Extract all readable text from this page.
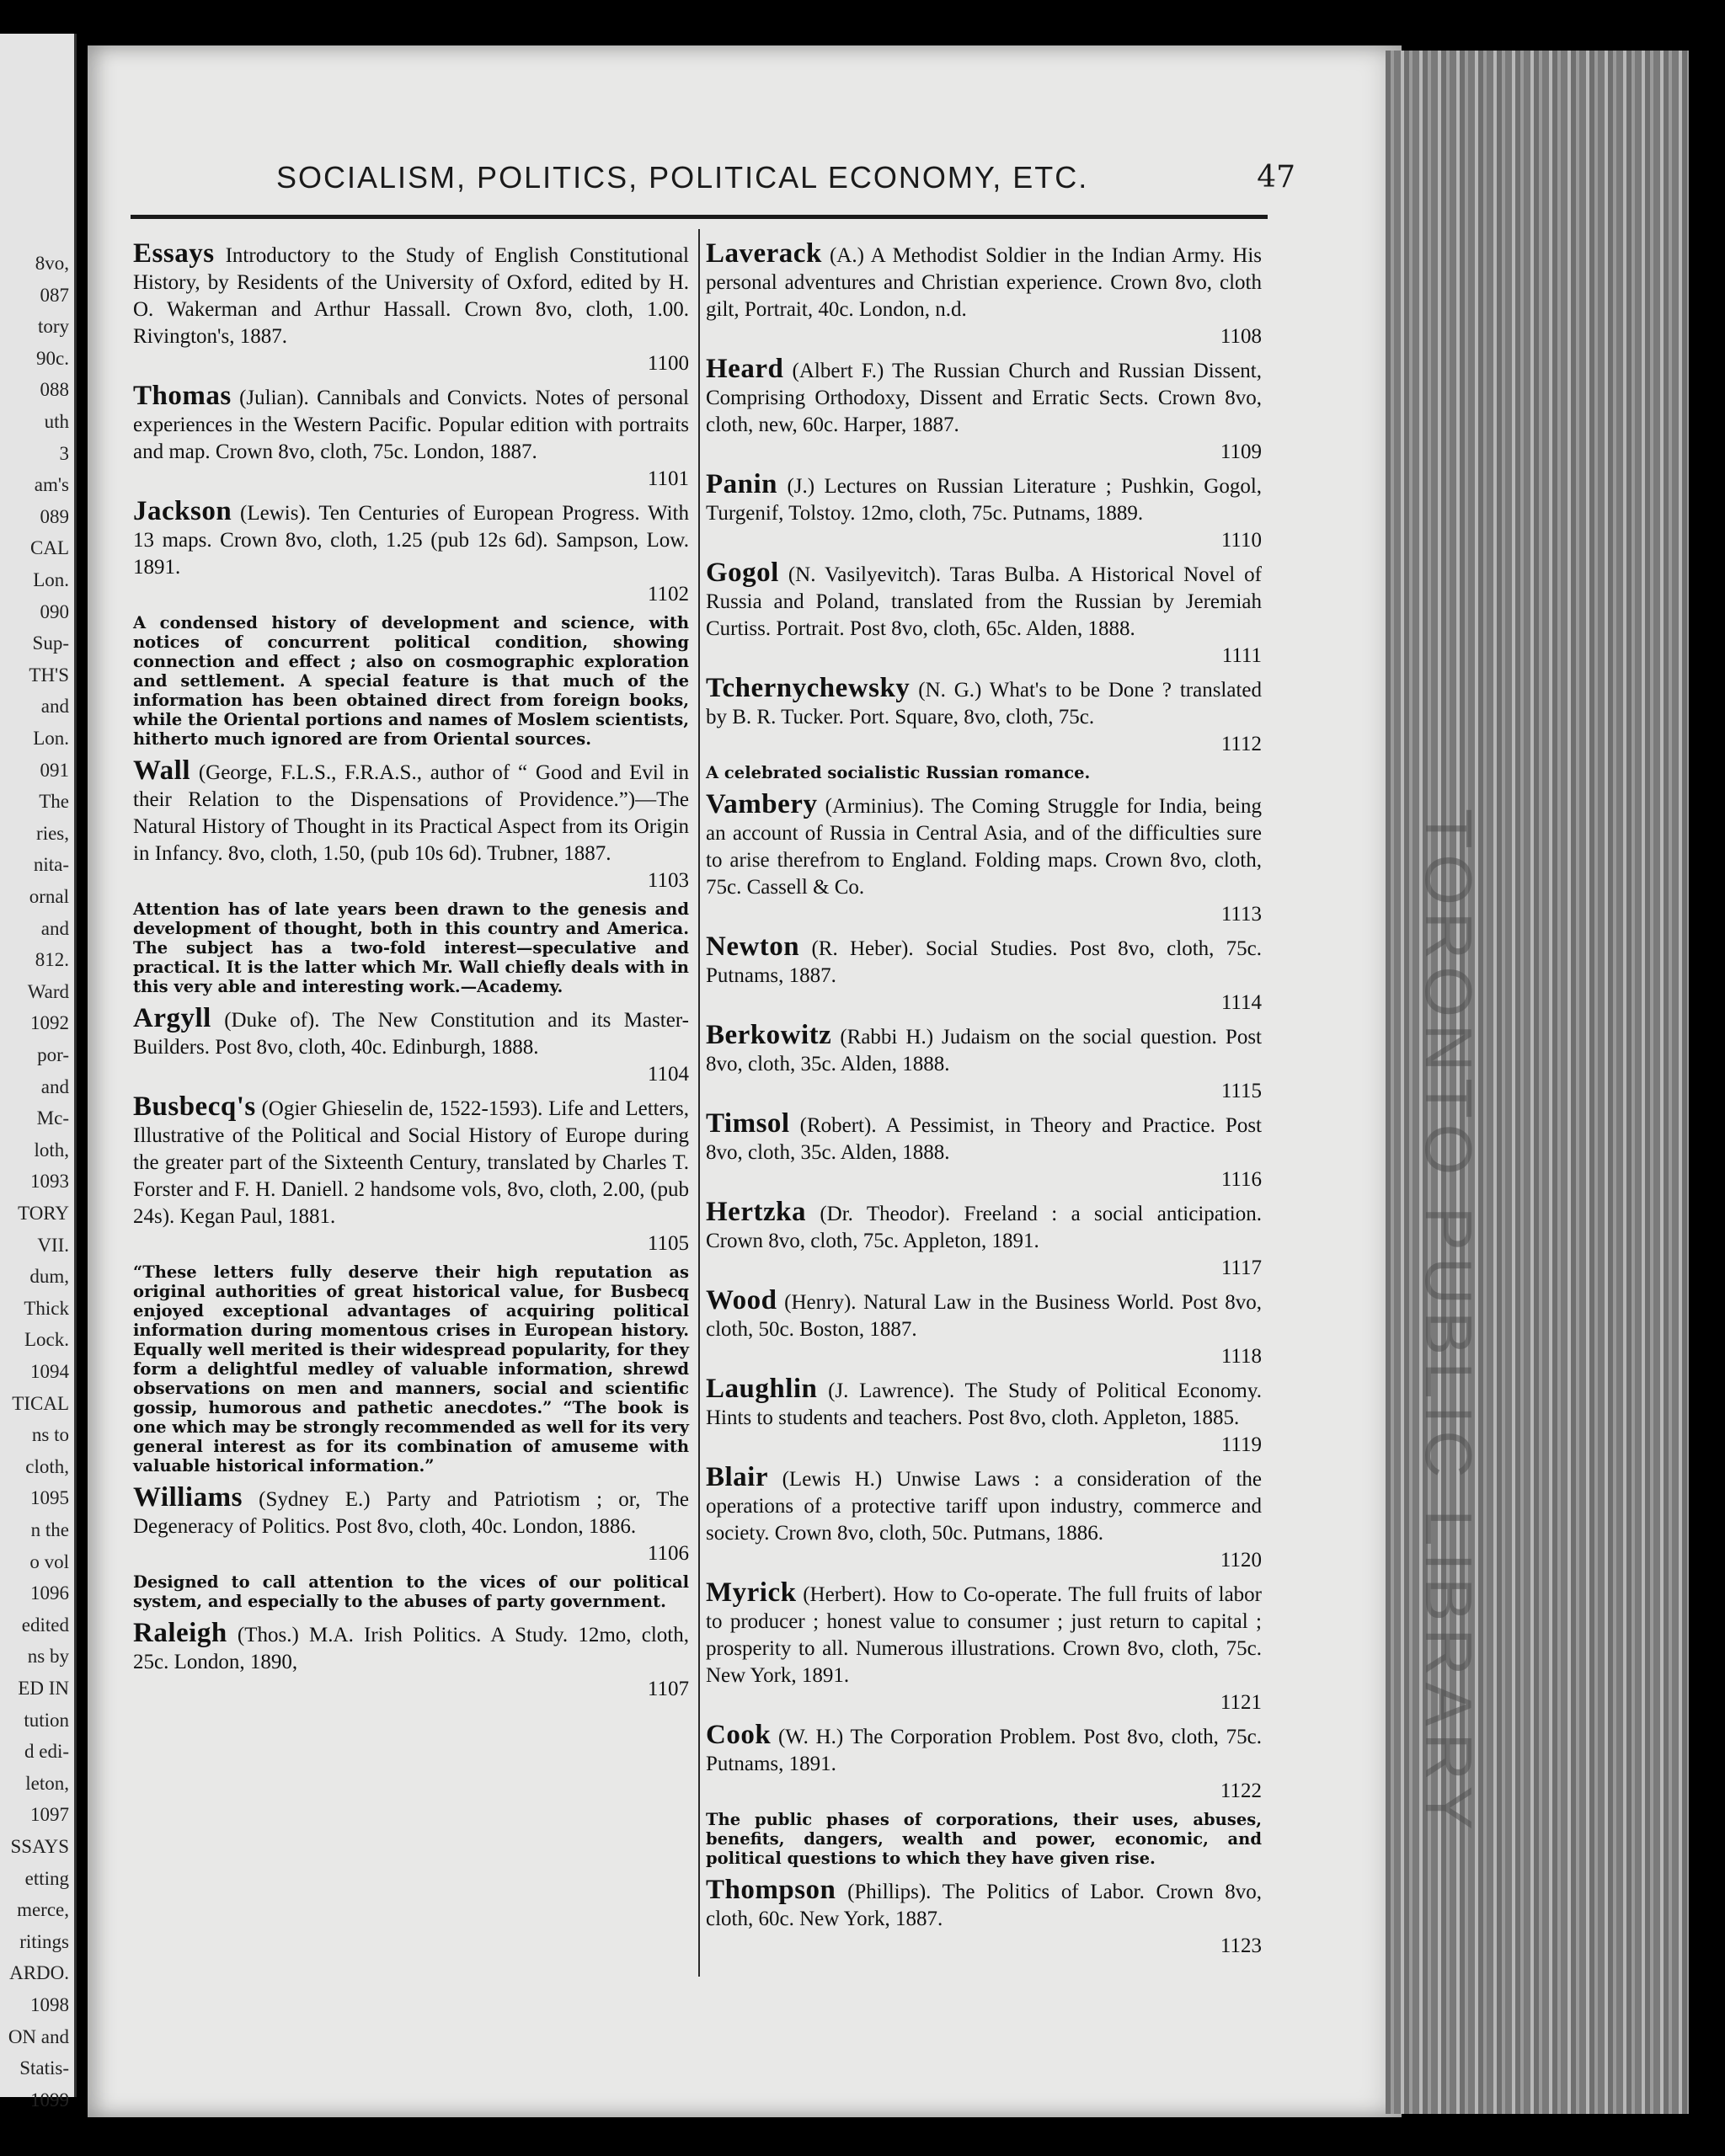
8vo,
087
tory
90c.
088
uth
3
am's
089
CAL
Lon.
090
Sup-
TH'S
and
Lon.
091
The
ries,
nita-
ornal
and
812.
Ward
1092
por-
and
Mc-
loth,
1093
TORY
VII.
dum,
Thick
Lock.
1094
TICAL
ns to
cloth,
1095
n the
o vol
1096
edited
ns by
ED IN
tution
d edi-
leton,
1097
SSAYS
etting
merce,
ritings
ARDO.
1098
ON and
Statis-
1099
TORONTO PUBLIC LIBRARY
SOCIALISM, POLITICS, POLITICAL ECONOMY, ETC.	47
Essays Introductory to the Study of English Constitutional History, by Residents of the University of Oxford, edited by H. O. Wakerman and Arthur Hassall. Crown 8vo, cloth, 1.00. Rivington's, 1887.
1100
Thomas (Julian). Cannibals and Convicts. Notes of personal experiences in the Western Pacific. Popular edition with portraits and map. Crown 8vo, cloth, 75c. London, 1887.
1101
Jackson (Lewis). Ten Centuries of European Progress. With 13 maps. Crown 8vo, cloth, 1.25 (pub 12s 6d). Sampson, Low. 1891.
1102
A condensed history of development and science, with notices of concurrent political condition, showing connection and effect ; also on cosmographic exploration and settlement. A special feature is that much of the information has been obtained direct from foreign books, while the Oriental portions and names of Moslem scientists, hitherto much ignored are from Oriental sources.
Wall (George, F.L.S., F.R.A.S., author of “ Good and Evil in their Relation to the Dispensations of Providence.”)—The Natural History of Thought in its Practical Aspect from its Origin in Infancy. 8vo, cloth, 1.50, (pub 10s 6d). Trubner, 1887.
1103
Attention has of late years been drawn to the genesis and development of thought, both in this country and America. The subject has a two-fold interest—speculative and practical. It is the latter which Mr. Wall chiefly deals with in this very able and interesting work.—Academy.
Argyll (Duke of). The New Constitution and its Master-Builders. Post 8vo, cloth, 40c. Edinburgh, 1888.
1104
Busbecq's (Ogier Ghieselin de, 1522-1593). Life and Letters, Illustrative of the Political and Social History of Europe during the greater part of the Sixteenth Century, translated by Charles T. Forster and F. H. Daniell. 2 handsome vols, 8vo, cloth, 2.00, (pub 24s). Kegan Paul, 1881.
1105
“These letters fully deserve their high reputation as original authorities of great historical value, for Busbecq enjoyed exceptional advantages of acquiring political information during momentous crises in European history. Equally well merited is their widespread popularity, for they form a delightful medley of valuable information, shrewd observations on men and manners, social and scientific gossip, humorous and pathetic anecdotes.” “The book is one which may be strongly recommended as well for its very general interest as for its combination of amuseme with valuable historical information.”
Williams (Sydney E.) Party and Patriotism ; or, The Degeneracy of Politics. Post 8vo, cloth, 40c. London, 1886.
1106
Designed to call attention to the vices of our political system, and especially to the abuses of party government.
Raleigh (Thos.) M.A. Irish Politics. A Study. 12mo, cloth, 25c. London, 1890,
1107
Laverack (A.) A Methodist Soldier in the Indian Army. His personal adventures and Christian experience. Crown 8vo, cloth gilt, Portrait, 40c. London, n.d.
1108
Heard (Albert F.) The Russian Church and Russian Dissent, Comprising Orthodoxy, Dissent and Erratic Sects. Crown 8vo, cloth, new, 60c. Harper, 1887.
1109
Panin (J.) Lectures on Russian Literature ; Pushkin, Gogol, Turgenif, Tolstoy. 12mo, cloth, 75c. Putnams, 1889.
1110
Gogol (N. Vasilyevitch). Taras Bulba. A Historical Novel of Russia and Poland, translated from the Russian by Jeremiah Curtiss. Portrait. Post 8vo, cloth, 65c. Alden, 1888.
1111
Tchernychewsky (N. G.) What's to be Done ? translated by B. R. Tucker. Port. Square, 8vo, cloth, 75c.
1112
A celebrated socialistic Russian romance.
Vambery (Arminius). The Coming Struggle for India, being an account of Russia in Central Asia, and of the difficulties sure to arise therefrom to England. Folding maps. Crown 8vo, cloth, 75c. Cassell & Co.
1113
Newton (R. Heber). Social Studies. Post 8vo, cloth, 75c. Putnams, 1887.
1114
Berkowitz (Rabbi H.) Judaism on the social question. Post 8vo, cloth, 35c. Alden, 1888.
1115
Timsol (Robert). A Pessimist, in Theory and Practice. Post 8vo, cloth, 35c. Alden, 1888.
1116
Hertzka (Dr. Theodor). Freeland : a social anticipation. Crown 8vo, cloth, 75c. Appleton, 1891.
1117
Wood (Henry). Natural Law in the Business World. Post 8vo, cloth, 50c. Boston, 1887.
1118
Laughlin (J. Lawrence). The Study of Political Economy. Hints to students and teachers. Post 8vo, cloth. Appleton, 1885.
1119
Blair (Lewis H.) Unwise Laws : a consideration of the operations of a protective tariff upon industry, commerce and society. Crown 8vo, cloth, 50c. Putmans, 1886.
1120
Myrick (Herbert). How to Co-operate. The full fruits of labor to producer ; honest value to consumer ; just return to capital ; prosperity to all. Numerous illustrations. Crown 8vo, cloth, 75c. New York, 1891.
1121
Cook (W. H.) The Corporation Problem. Post 8vo, cloth, 75c. Putnams, 1891.
1122
The public phases of corporations, their uses, abuses, benefits, dangers, wealth and power, economic, and political questions to which they have given rise.
Thompson (Phillips). The Politics of Labor. Crown 8vo, cloth, 60c. New York, 1887.
1123
